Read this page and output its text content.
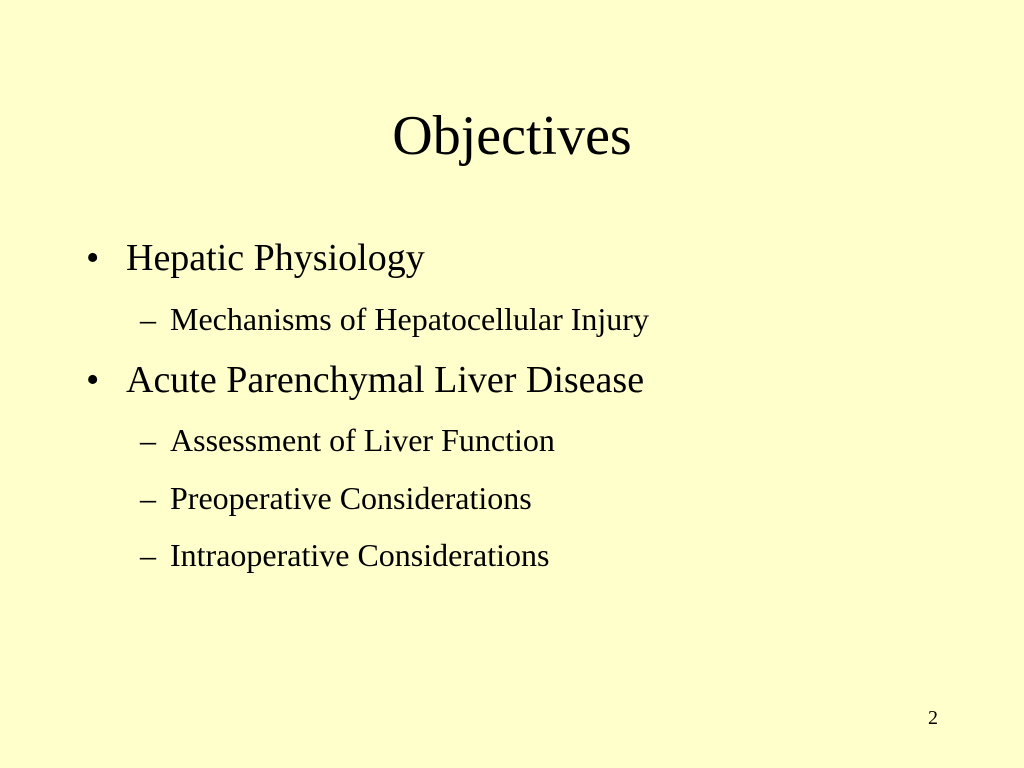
Objectives
• Hepatic Physiology
– Mechanisms of Hepatocellular Injury
• Acute Parenchymal Liver Disease
– Assessment of Liver Function
– Preoperative Considerations
– Intraoperative Considerations
2
